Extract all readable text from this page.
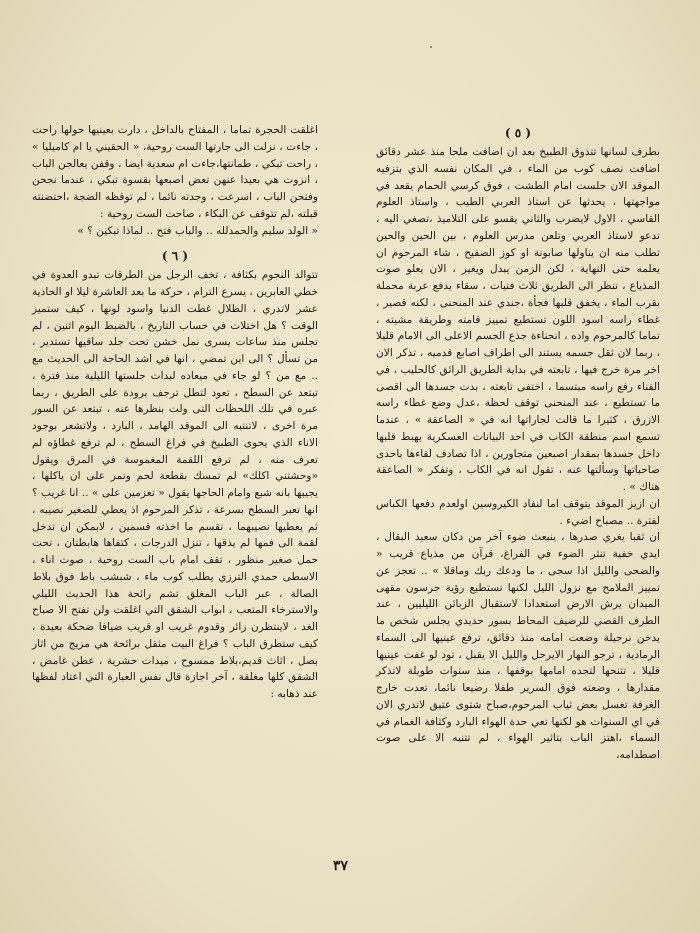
( ٥ )

بطرف لسانها تتذوق الطبيخ بعد ان اضافت ملحا منذ عشر دقائق اضافت نصف كوب من الماء ، في المكان نفسه الذي بتزفيه الموقد الان جلست امام الطشت ، فوق كرسي الحمام يقعد في مواجهتها ، يحدثها عن استاذ العربي الطيب ، واستاذ العلوم القاسي ، الاول لايضرب والثاني يقسو على التلاميذ ،تصغي اليه ، تدعو لاستاذ العربي وتلعن مدرس العلوم ، بين الحين والحين تطلب منه ان يناولها صابونة او كوز الصفيح ، شاء المرحوم ان يعلمه حتى النهاية ، لكن الزمن يبدل ويغير ، الان يعلو صوت المذياع ، تنظر الى الطريق ثلاث فتيات ، سقاء يدفع عربة محملة بقرب الماء ، يخفق قلبها فجأة ،جندي عند المنحنى ، لكنه قصير ، غطاء راسه اسود اللون تستطيع تمييز قامته وطريقة مشيته ، تماما كالمرحوم واده ، انحناءة جذع الجسم الاعلى الى الامام قليلا ، ربما لان ثقل جسمه يستند الى اطراف اصابع قدميه ، تذكر الان اخر مرة خرج فيها ، تابعته في بداية الطريق الرائق كالحليب ، في الفناء رفع راسه مبتسما ، اختفى تابعته ، بدت جسدها الى اقصى ما تستطيع ، عند المنحنى توقف لحظة ،عدل وضع غطاء راسه الازرق ، كثيرا ما قالت لجاراتها انه في « الصاعقة » ، عندما تسمع اسم منطقة الكاب في احد البيانات العسكرية يهبط قلبها داخل جسدها بمقدار اصبعين متجاورين ، اذا تصادف لقاءها باحدى صاحباتها وسألتها عنه ، تقول انه في الكاب ، وتفكر « الصاعقة هناك » .

ان ازيز الموقد يتوقف اما لنفاد الكيروسين اولعدم دفعها الكباس لفترة .. مصباح اضيء .

ان ثقبا يغري صدرها ، ينبعث ضوء آخر من دكان سعيد البقال ، ايدي خفية تنثر الضوء في الفراغ، قرآن من مذياع قريب « والضحى والليل اذا سجى ، ما ودعك ربك وماقلا » .. تعجز عن تمييز الملامح مع نزول الليل لكنها تستطيع رؤية جرسون مقهى الميدان يرش الارض استعدادا لاستقبال الزبائن الليليين ، عند الطرف القصي للرصيف المحاط بسور حديدي يجلس شخص ما يدخن نرجيلة وضعت امامه منذ دقائق، ترفع عينيها الى السماء الرمادية ، ترجو النهار الايرحل والليل الا يقبل ، تود لو غفت عينيها قليلا ، تتنحها لتجده امامها بوقفها ، منذ سنوات طويلة لاتذكر مقدارها ، وضعته فوق السرير طفلا رضيعا نائما، تعدت خارج الغرفة تغسل بعض ثياب المرحوم،صباح شتوى عتيق لاتدري الان في اي السنوات هو لكنها تعي حدة الهواء البارد وكثافة الغمام في السماء ،اهتز الباب بتاثير الهواء ، لم تتنبه الا على صوت اصطدامه،

اغلقت الحجرة تماما ، المفتاح بالداخل ، دارت بعينيها حولها راحت ، جاءت ، نزلت الى جارتها الست روحية، « الحقيني يا ام كاميليا » ، راحت تبكي ، طمانتها،جاءت ام سعدية ايضا ، وقفن يعالجن الباب ، انزوت هي بعيدا عنهن تعض اصبعها بقسوة تبكي ، عندما نجحن وفتحن الباب ، اسرعت ، وجدته نائما ، لم توقظه الضجة ،احتضنته قبلته ،لم تتوقف عن البكاء ، صاحت الست روحية :

« الولد سليم والحمدلله .. والباب فتح .. لماذا تبكين ؟ »

( ٦ )

تتوالد النجوم بكثافة ، تخف الرجل من الطرقات تبدو العدوة في خطي العابرين ، يسرع الترام ، حركة ما بعد العاشرة ليلا او الحادية عشر لاتدري ، الظلال غطت الدنيا واسود لونها ، كيف ستميز الوقت ؟ هل اختلات في حساب التاريخ ، بالضبط اليوم اثنين ، لم تجلس منذ ساعات يسرى نمل خشن تحت جلد ساقيها تستدير ، من تسأل ؟ الى اين تمضي ، انها في اشد الحاجة الى الحديث مع .. مع من ؟ لو جاء في ميعاده لبدات جلستها الليلية منذ فترة ، تبتعد عن السطح ، تعود لتطل ترجف برودة على الطريق ، ربما عبره في تلك اللحظات التى ولت بنظرها عنه ، تبتعد عن السور مرة اخرى ، لاتنتبه الى الموقد الهامد ، البارد ، ولاتشعر بوجود الاناء الذي يحوى الطبيخ في فراغ السطح ، لم ترفع غطاؤه لم تعرف منه ، لم ترفع اللقمة المغموسة في المرق ويقول «وحشتني اكلك» لم تمسك بقطعة لحم وتمر على ان ياكلها ، يجيبها بانه شبع وامام الحاجها يقول « تعزمين على » .. انا غريب ؟ انها تعبر السطح بسرعة ، تذكر المرحوم اذ يعطي للصغير نصيبه ، ثم يعطيها نصيبهما ، تقسم ما اخذته قسمين ، لابمكن ان تدخل لقمة الى فمها لم يذقها ، تنزل الدرجات ، كتفاها هابطتان ، تحت حمل صغير منظور ، تقف امام باب الست روحية ، صوت اناء ، الاسطى حمدي الترزي يطلب كوب ماء ، شبشب باط فوق بلاط الصالة ، عبر الباب المغلق تشم رائحة هذا الحديث الليلي والاسترخاء المتعب ، ابواب الشقق التي اغلقت ولن تفتح الا صباح الغد ، لاينتظرن زائر وقدوم غريب او قريب ضيافا ضحكة بعيدة ، كيف ستطرق الباب ؟ فراغ البيت مثقل برائحة هي مزيج من اثار بصل ، اثاث قديم،بلاط ممسوح ، ميدات حشرية ، عطن غامض ، الشقق كلها مغلقة ، آخر اجازة قال نفس العبارة التي اعتاد لفظها عند ذهابه :

٣٧
